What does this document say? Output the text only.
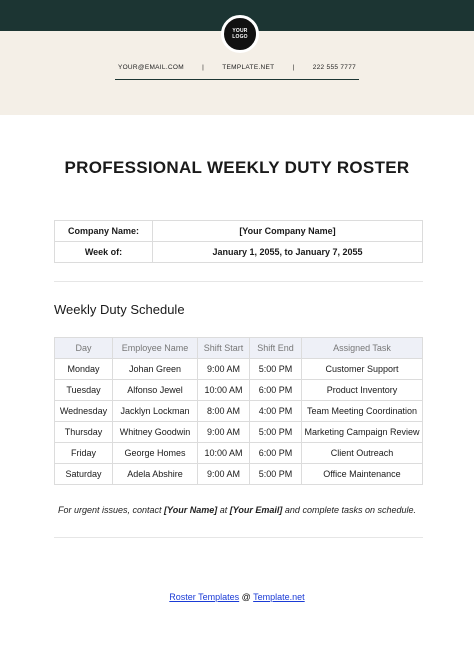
YOUR
LOGO
YOUR@EMAIL.COM	|	TEMPLATE.NET	|	222 555 7777
PROFESSIONAL WEEKLY DUTY ROSTER
Company Name:	[Your Company Name]
Week of:	January 1, 2055, to January 7, 2055
Weekly Duty Schedule
Day	Employee Name	Shift Start	Shift End	Assigned Task
Monday	Johan Green	9:00 AM	5:00 PM	Customer Support
Tuesday	Alfonso Jewel	10:00 AM	6:00 PM	Product Inventory
Wednesday	Jacklyn Lockman	8:00 AM	4:00 PM	Team Meeting Coordination
Thursday	Whitney Goodwin	9:00 AM	5:00 PM	Marketing Campaign Review
Friday	George Homes	10:00 AM	6:00 PM	Client Outreach
Saturday	Adela Abshire	9:00 AM	5:00 PM	Office Maintenance
For urgent issues, contact [Your Name] at [Your Email] and complete tasks on schedule.
Roster Templates @ Template.net
